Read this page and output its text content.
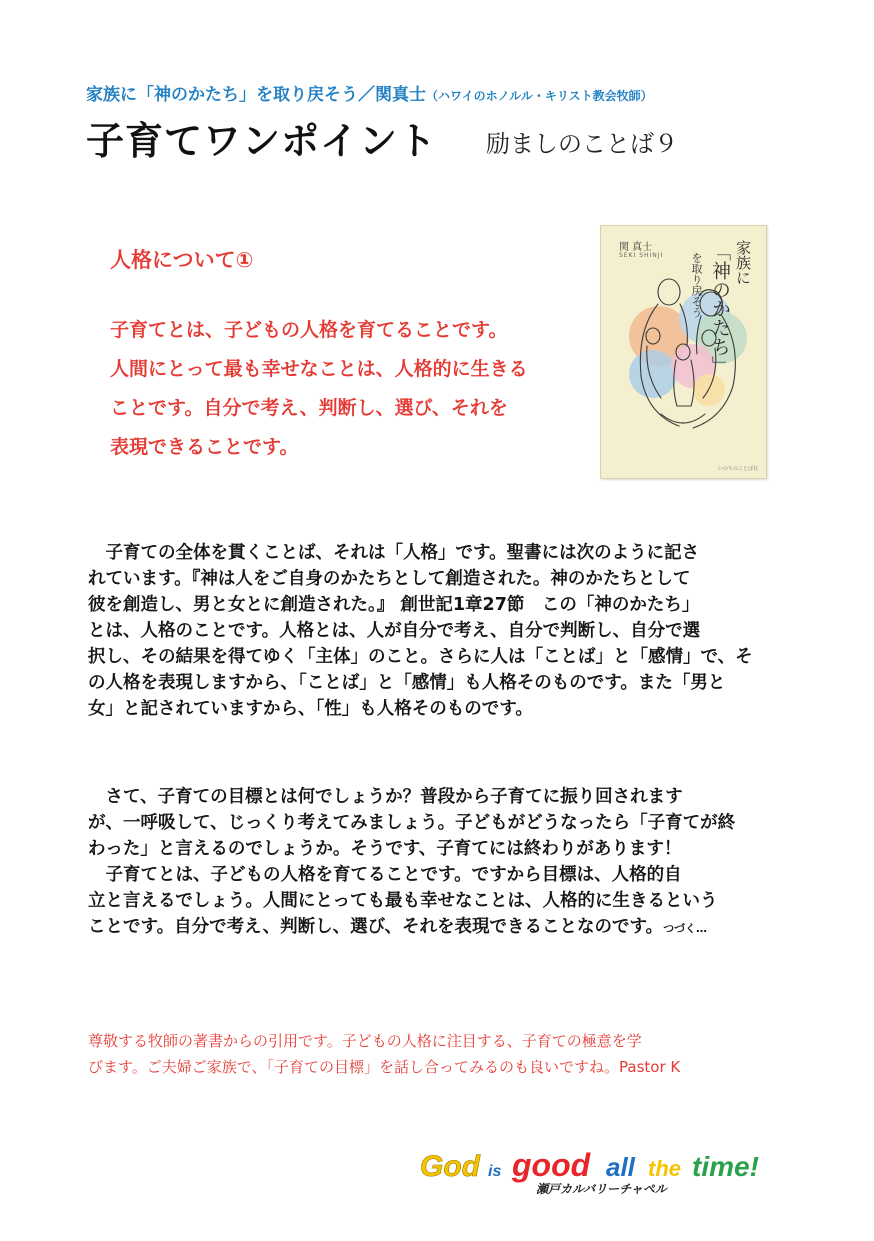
家族に「神のかたち」を取り戻そう／関真士（ハワイのホノルル・キリスト教会牧師）
子育てワンポイント 励ましのことば９
人格について①
子育てとは、子どもの人格を育てることです。
人間にとって最も幸せなことは、人格的に生きる
ことです。自分で考え、判断し、選び、それを
表現できることです。
関 真士
SEKI SHINJI	家族に
「神のかたち」
を取り戻そう
いのちのことば社
　子育ての全体を貫くことば、それは「人格」です。聖書には次のように記さ
れています。『神は人をご自身のかたちとして創造された。神のかたちとして
彼を創造し、男と女とに創造された。』 創世記1章27節　この「神のかたち」
とは、人格のことです。人格とは、人が自分で考え、自分で判断し、自分で選
択し、その結果を得てゆく「主体」のこと。さらに人は「ことば」と「感情」で、そ
の人格を表現しますから、「ことば」と「感情」も人格そのものです。また「男と
女」と記されていますから、「性」も人格そのものです。
　さて、子育ての目標とは何でしょうか？普段から子育てに振り回されます
が、一呼吸して、じっくり考えてみましょう。子どもがどうなったら「子育てが終
わった」と言えるのでしょうか。そうです、子育てには終わりがあります！
　子育てとは、子どもの人格を育てることです。ですから目標は、人格的自
立と言えるでしょう。人間にとっても最も幸せなことは、人格的に生きるという
ことです。自分で考え、判断し、選び、それを表現できることなのです。つづく…
尊敬する牧師の著書からの引用です。子どもの人格に注目する、子育ての極意を学
びます。ご夫婦ご家族で、「子育ての目標」を話し合ってみるのも良いですね。Pastor K
God is good all the time!
瀬戸カルバリーチャペル
